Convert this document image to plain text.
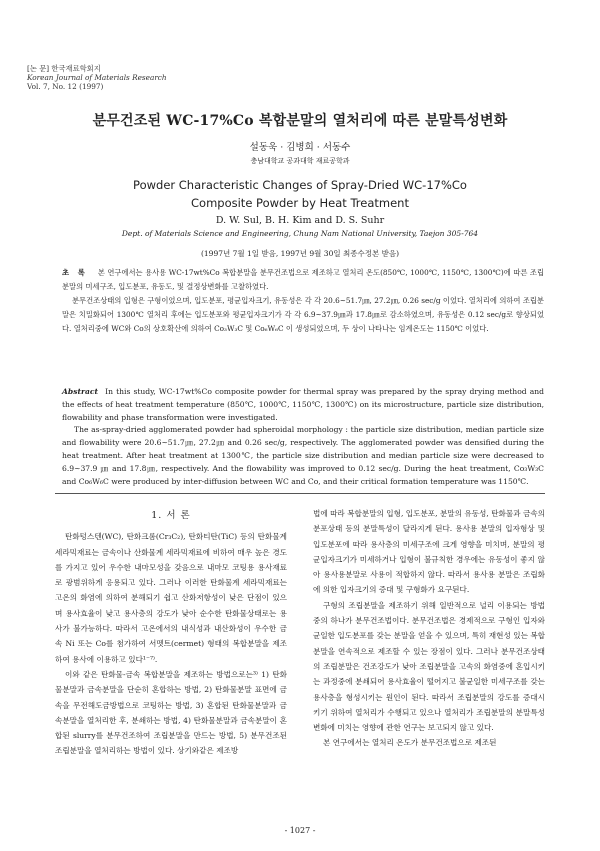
[논 문] 한국재료학회지
Korean Journal of Materials Research
Vol. 7, No. 12 (1997)
분무건조된 WC-17%Co 복합분말의 열처리에 따른 분말특성변화
설동욱 · 김병희 · 서동수
충남대학교 공과대학 재료공학과
Powder Characteristic Changes of Spray-Dried WC-17%Co
Composite Powder by Heat Treatment
D. W. Sul, B. H. Kim and D. S. Suhr
Dept. of Materials Science and Engineering, Chung Nam National University, Taejon 305-764
(1997년 7월 1일 받음, 1997년 9월 30일 최종수정본 받음)

초 록 본 연구에서는 용사용 WC-17wt%Co 복합분말을 분무건조법으로 제조하고 열처리 온도(850℃, 1000℃, 1150℃, 1300℃)에 따른 조립분말의 미세구조, 입도분포, 유동도, 및 결정상변화를 고찰하였다.

분무건조상태의 입형은 구형이었으며, 입도분포, 평균입자크기, 유동성은 각 각 20.6~51.7㎛, 27.2㎛, 0.26 sec/g 이었다. 열처리에 의하여 조립분말은 치밀화되어 1300℃ 열처리 후에는 입도분포와 평균입자크기가 각 각 6.9~37.9㎛과 17.8㎛로 감소하였으며, 유동성은 0.12 sec/g로 향상되었다. 열처리중에 WC와 Co의 상호확산에 의하여 Co₃W₃C 및 Co₆W₆C 이 생성되었으며, 두 상이 나타나는 임계온도는 1150℃ 이었다.

Abstract In this study, WC-17wt%Co composite powder for thermal spray was prepared by the spray drying method and the effects of heat treatment temperature (850℃, 1000℃, 1150℃, 1300℃) on its microstructure, particle size distribution, flowability and phase transformation were investigated.

The as-spray-dried agglomerated powder had spheroidal morphology : the particle size distribution, median particle size and flowability were 20.6~51.7㎛, 27.2㎛ and 0.26 sec/g, respectively. The agglomerated powder was densified during the heat treatment. After heat treatment at 1300℃, the particle size distribution and median particle size were decreased to 6.9~37.9 ㎛ and 17.8㎛, respectively. And the flowability was improved to 0.12 sec/g. During the heat treatment, Co₃W₃C and Co₆W₆C were produced by inter-diffusion between WC and Co, and their critical formation temperature was 1150℃.

1. 서 론

탄화텅스텐(WC), 탄화크롬(Cr₃C₂), 탄화티탄(TiC) 등의 탄화물계 세라믹재료는 금속이나 산화물계 세라믹재료에 비하여 매우 높은 경도를 가지고 있어 우수한 내마모성을 갖음으로 내마모 코팅용 용사재료로 광범위하게 응용되고 있다. 그러나 이러한 탄화물계 세라믹재료는 고온의 화염에 의하여 분해되기 쉽고 산화저항성이 낮은 단점이 있으며 용사효율이 낮고 용사층의 강도가 낮아 순수한 탄화물상태로는 용사가 불가능하다. 따라서 고온에서의 내식성과 내산화성이 우수한 금속 Ni 또는 Co를 첨가하여 서멧트(cermet) 형태의 복합분말을 제조하여 용사에 이용하고 있다¹⁻⁷⁾.

이와 같은 탄화물-금속 복합분말을 제조하는 방법으로는³⁾ 1) 탄화물분말과 금속분말을 단순히 혼합하는 방법, 2) 탄화물분말 표면에 금속을 무전해도금방법으로 코팅하는 방법, 3) 혼합된 탄화물분말과 금속분말을 열처리한 후, 분쇄하는 방법, 4) 탄화물분말과 금속분말이 혼합된 slurry를 분무건조하여 조립분말을 만드는 방법, 5) 분무건조된 조립분말을 열처리하는 방법이 있다. 상기와같은 제조방

법에 따라 복합분말의 입형, 입도분포, 분말의 유동성, 탄화물과 금속의 분포상태 등의 분말특성이 달라지게 된다. 용사용 분말의 입자형상 및 입도분포에 따라 용사층의 미세구조에 크게 영향을 미치며, 분말의 평균입자크기가 미세하거나 입형이 불규칙한 경우에는 유동성이 좋지 않아 용사용분말로 사용이 적합하지 않다. 따라서 용사용 분말은 조립화에 의한 입자크기의 증대 및 구형화가 요구된다.

구형의 조립분말을 제조하기 위해 일반적으로 널리 이용되는 방법중의 하나가 분무건조법이다. 분무건조법은 경제적으로 구형인 입자와 균일한 입도분포를 갖는 분말을 얻을 수 있으며, 특히 재현성 있는 복합분말을 연속적으로 제조할 수 있는 장점이 있다. 그러나 분무건조상태의 조립분말은 건조강도가 낮아 조립분말을 고속의 화염중에 혼입시키는 과정중에 분쇄되어 용사효율이 떨어지고 불균일한 미세구조를 갖는 용사층을 형성시키는 원인이 된다. 따라서 조립분말의 강도를 증대시키기 위하여 열처리가 수행되고 있으나 열처리가 조립분말의 분말특성변화에 미치는 영향에 관한 연구는 보고되지 않고 있다.

본 연구에서는 열처리 온도가 분무건조법으로 제조된

- 1027 -
